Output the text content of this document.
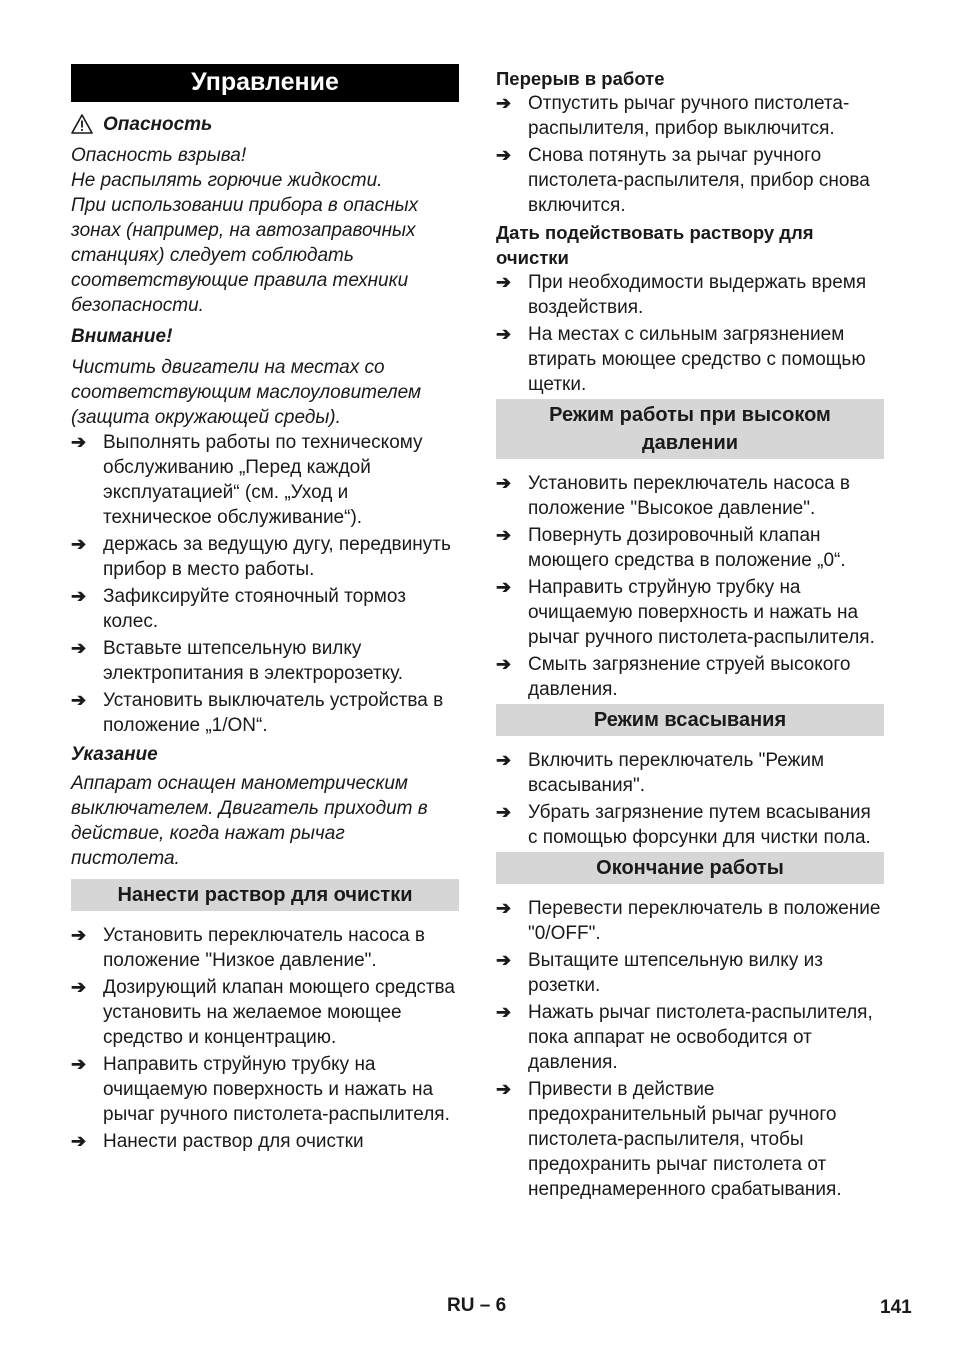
Управление
Опасность
Опасность взрыва!
Не распылять горючие жидкости.
При использовании прибора в опасных
зонах (например, на автозаправочных
станциях) следует соблюдать
соответствующие правила техники
безопасности.
Внимание!
Чистить двигатели на местах со
соответствующим маслоуловителем
(защита окружающей среды).
➔ Выполнять работы по техническому обслуживанию „Перед каждой эксплуатацией“ (см. „Уход и техническое обслуживание“).
➔ держась за ведущую дугу, передвинуть прибор в место работы.
➔ Зафиксируйте стояночный тормоз колес.
➔ Вставьте штепсельную вилку электропитания в электророзетку.
➔ Установить выключатель устройства в положение „1/ON“.
Указание
Аппарат оснащен манометрическим
выключателем. Двигатель приходит в
действие, когда нажат рычаг
пистолета.
Нанести раствор для очистки
➔ Установить переключатель насоса в положение "Низкое давление".
➔ Дозирующий клапан моющего средства установить на желаемое моющее средство и концентрацию.
➔ Направить струйную трубку на очищаемую поверхность и нажать на рычаг ручного пистолета-распылителя.
➔ Нанести раствор для очистки
Перерыв в работе
➔ Отпустить рычаг ручного пистолета-распылителя, прибор выключится.
➔ Снова потянуть за рычаг ручного пистолета-распылителя, прибор снова включится.
Дать подействовать раствору для очистки
➔ При необходимости выдержать время воздействия.
➔ На местах с сильным загрязнением втирать моющее средство с помощью щетки.
Режим работы при высоком давлении
➔ Установить переключатель насоса в положение "Высокое давление".
➔ Повернуть дозировочный клапан моющего средства в положение „0“.
➔ Направить струйную трубку на очищаемую поверхность и нажать на рычаг ручного пистолета-распылителя.
➔ Смыть загрязнение струей высокого давления.
Режим всасывания
➔ Включить переключатель "Режим всасывания".
➔ Убрать загрязнение путем всасывания с помощью форсунки для чистки пола.
Окончание работы
➔ Перевести переключатель в положение "0/OFF".
➔ Вытащите штепсельную вилку из розетки.
➔ Нажать рычаг пистолета-распылителя, пока аппарат не освободится от давления.
➔ Привести в действие предохранительный рычаг ручного пистолета-распылителя, чтобы предохранить рычаг пистолета от непреднамеренного срабатывания.
RU – 6	141
